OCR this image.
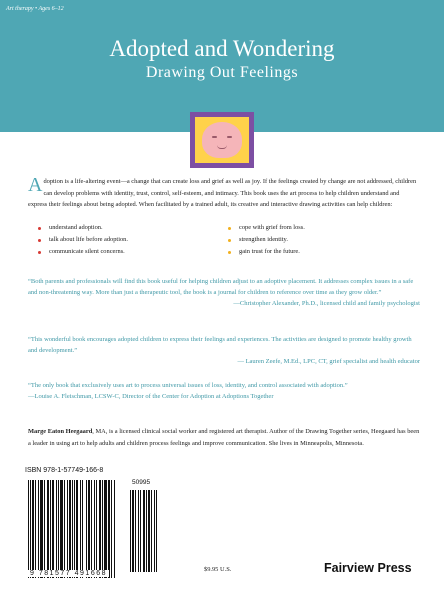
Art therapy • Ages 6–12
Adopted and Wondering
Drawing Out Feelings
Adoption is a life-altering event—a change that can create loss and grief as well as joy. If the feelings created by change are not addressed, children can develop problems with identity, trust, control, self-esteem, and intimacy. This book uses the art process to help children understand and express their feelings about being adopted. When facilitated by a trained adult, its creative and interactive drawing activities can help children:
understand adoption.
talk about life before adoption.
communicate silent concerns.
cope with grief from loss.
strengthen identity.
gain trust for the future.
“Both parents and professionals will find this book useful for helping children adjust to an adoptive placement. It addresses complex issues in a safe and non-threatening way. More than just a therapeutic tool, the book is a journal for children to reference over time as they grow older.”
—Christopher Alexander, Ph.D., licensed child and family psychologist
“This wonderful book encourages adopted children to express their feelings and experiences. The activities are designed to promote healthy growth and development.”
— Lauren Zeefe, M.Ed., LPC, CT, grief specialist and health educator
“The only book that exclusively uses art to process universal issues of loss, identity, and control associated with adoption.”
—Louise A. Fleischman, LCSW-C, Director of the Center for Adoption at Adoptions Together
Marge Eaton Heegaard, MA, is a licensed clinical social worker and registered art therapist. Author of the Drawing Together series, Heegaard has been a leader in using art to help adults and children process feelings and improve communication. She lives in Minneapolis, Minnesota.
ISBN 978-1-57749-166-8
50995
9 781577 491668
$9.95 U.S.	Fairview Press
